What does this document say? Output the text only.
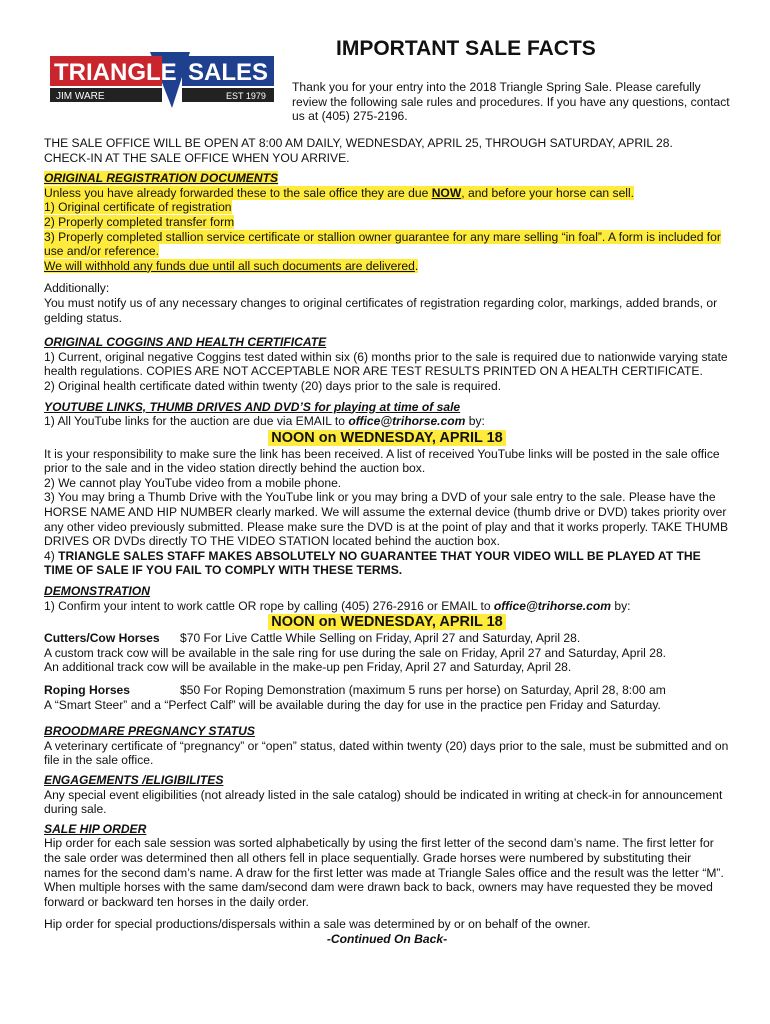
TRIANGLE SALES
JIM WARE	EST 1979
IMPORTANT SALE FACTS

Thank you for your entry into the 2018 Triangle Spring Sale. Please carefully review the following sale rules and procedures. If you have any questions, contact us at (405) 275-2196.

THE SALE OFFICE WILL BE OPEN AT 8:00 AM DAILY, WEDNESDAY, APRIL 25, THROUGH SATURDAY, APRIL 28.

CHECK-IN AT THE SALE OFFICE WHEN YOU ARRIVE.

ORIGINAL REGISTRATION DOCUMENTS

Unless you have already forwarded these to the sale office they are due NOW, and before your horse can sell.

1) Original certificate of registration

2) Properly completed transfer form

3) Properly completed stallion service certificate or stallion owner guarantee for any mare selling “in foal”. A form is included for use and/or reference.

We will withhold any funds due until all such documents are delivered.

Additionally:

You must notify us of any necessary changes to original certificates of registration regarding color, markings, added brands, or gelding status.

ORIGINAL COGGINS AND HEALTH CERTIFICATE

1) Current, original negative Coggins test dated within six (6) months prior to the sale is required due to nationwide varying state health regulations. COPIES ARE NOT ACCEPTABLE NOR ARE TEST RESULTS PRINTED ON A HEALTH CERTIFICATE.

2) Original health certificate dated within twenty (20) days prior to the sale is required.

YOUTUBE LINKS, THUMB DRIVES AND DVD’S for playing at time of sale

1) All YouTube links for the auction are due via EMAIL to office@trihorse.com by:

NOON on WEDNESDAY, APRIL 18

It is your responsibility to make sure the link has been received. A list of received YouTube links will be posted in the sale office prior to the sale and in the video station directly behind the auction box.

2) We cannot play YouTube video from a mobile phone.

3) You may bring a Thumb Drive with the YouTube link or you may bring a DVD of your sale entry to the sale. Please have the HORSE NAME AND HIP NUMBER clearly marked. We will assume the external device (thumb drive or DVD) takes priority over any other video previously submitted. Please make sure the DVD is at the point of play and that it works properly. TAKE THUMB DRIVES OR DVDs directly TO THE VIDEO STATION located behind the auction box.

4) TRIANGLE SALES STAFF MAKES ABSOLUTELY NO GUARANTEE THAT YOUR VIDEO WILL BE PLAYED AT THE TIME OF SALE IF YOU FAIL TO COMPLY WITH THESE TERMS.

DEMONSTRATION

1) Confirm your intent to work cattle OR rope by calling (405) 276-2916 or EMAIL to office@trihorse.com by:

NOON on WEDNESDAY, APRIL 18

Cutters/Cow Horses $70 For Live Cattle While Selling on Friday, April 27 and Saturday, April 28.

A custom track cow will be available in the sale ring for use during the sale on Friday, April 27 and Saturday, April 28.

An additional track cow will be available in the make-up pen Friday, April 27 and Saturday, April 28.

Roping Horses	$50 For Roping Demonstration (maximum 5 runs per horse) on Saturday, April 28, 8:00 am

A “Smart Steer” and a “Perfect Calf” will be available during the day for use in the practice pen Friday and Saturday.

BROODMARE PREGNANCY STATUS

A veterinary certificate of “pregnancy” or “open” status, dated within twenty (20) days prior to the sale, must be submitted and on file in the sale office.

ENGAGEMENTS /ELIGIBILITES

Any special event eligibilities (not already listed in the sale catalog) should be indicated in writing at check-in for announcement during sale.

SALE HIP ORDER

Hip order for each sale session was sorted alphabetically by using the first letter of the second dam’s name. The first letter for the sale order was determined then all others fell in place sequentially. Grade horses were numbered by substituting their names for the second dam’s name. A draw for the first letter was made at Triangle Sales office and the result was the letter “M”. When multiple horses with the same dam/second dam were drawn back to back, owners may have requested they be moved forward or backward ten horses in the daily order.

Hip order for special productions/dispersals within a sale was determined by or on behalf of the owner.

-Continued On Back-
